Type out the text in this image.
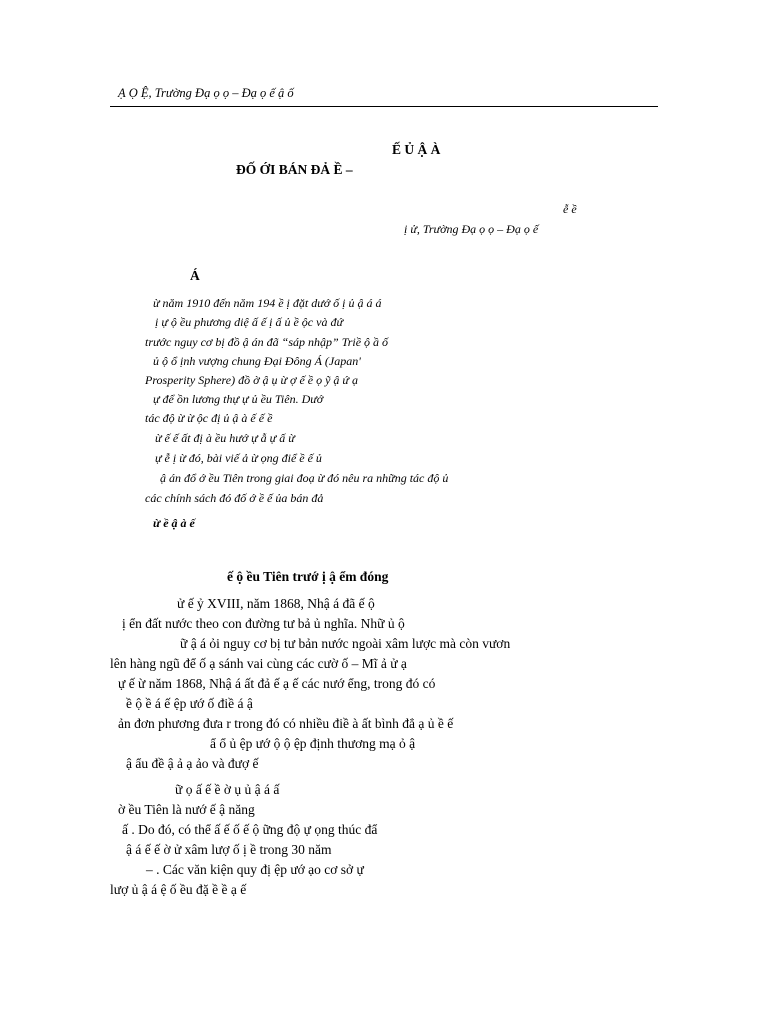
Ạ Ọ Ệ, Trường Đạ ọ ọ – Đạ ọ ế ậ ố
Ế Ủ Ậ À
ĐỐ ỚI BÁN ĐẢ Ề –
ễ ề
ị ử, Trường Đạ ọ ọ – Đạ ọ ế
Á
ừ năm 1910 đến năm 194 ề ị đặt dướ ố ị ủ ậ á á
ị ự ộ ều phương diệ ấ ế ị ấ ủ ề ộc và đứ
trước nguy cơ bị đồ ậ án đã “sáp nhập” Triề ộ ầ ố
ủ ộ ổ ịnh vượng chung Đại Đông Á (Japan'
Prosperity Sphere) đồ ờ ậ ụ ừ ợ ế ề ọ ỹ ậ ứ ạ
ự để ồn lương thự ự ủ ều Tiên. Dướ
tác độ ừ ừ ộc đị ủ ậ à ế ế ề
ừ ế ế ất đị à ều hướ ự ẫ ự ấ ừ
ự ễ ị ừ đó, bài viế ả ừ ọng điể ề ế ủ
ậ án đổ ớ ều Tiên trong giai đoạ ừ đó nêu ra những tác độ ủ
các chính sách đó đố ớ ề ế ủa bán đả
ừ ề ậ à ế
ế ộ ều Tiên trướ ị ậ ểm đóng
ử ế ỷ XVIII, năm 1868, Nhậ á đã ế ộ
ị ển đất nước theo con đường tư bả ủ nghĩa. Nhữ ủ ộ
ữ ậ á ỏi nguy cơ bị tư bản nước ngoài xâm lược mà còn vươn
lên hàng ngũ để ố ạ sánh vai cùng các cườ ố – Mĩ ả ử ạ
ự ế ừ năm 1868, Nhậ á ất đả ế ạ ế các nướ ểng, trong đó có
ề ộ ề á ế ệp ướ ố điề á ậ
ản đơn phương đưa r trong đó có nhiều điề à ất bình đẳ ạ ủ ề ế
ẩ ổ ủ ệp ướ ộ ộ ệp định thương mạ ỏ ậ
ậ ẩu đề ậ ả ạ ảo và đượ ế
ữ ọ ấ ế ề ờ ụ ủ ậ á ấ
ờ ều Tiên là nướ ế ậ năng
ấ . Do đó, có thể ấ ế ố ế ộ ững độ ự ọng thúc đẩ
ậ á ế ế ờ ử xâm lượ ố ị ề trong 30 năm
– . Các văn kiện quy đị ệp ướ ạo cơ sở ự
lượ ủ ậ á ệ ố ều đặ ề ề ạ ế
